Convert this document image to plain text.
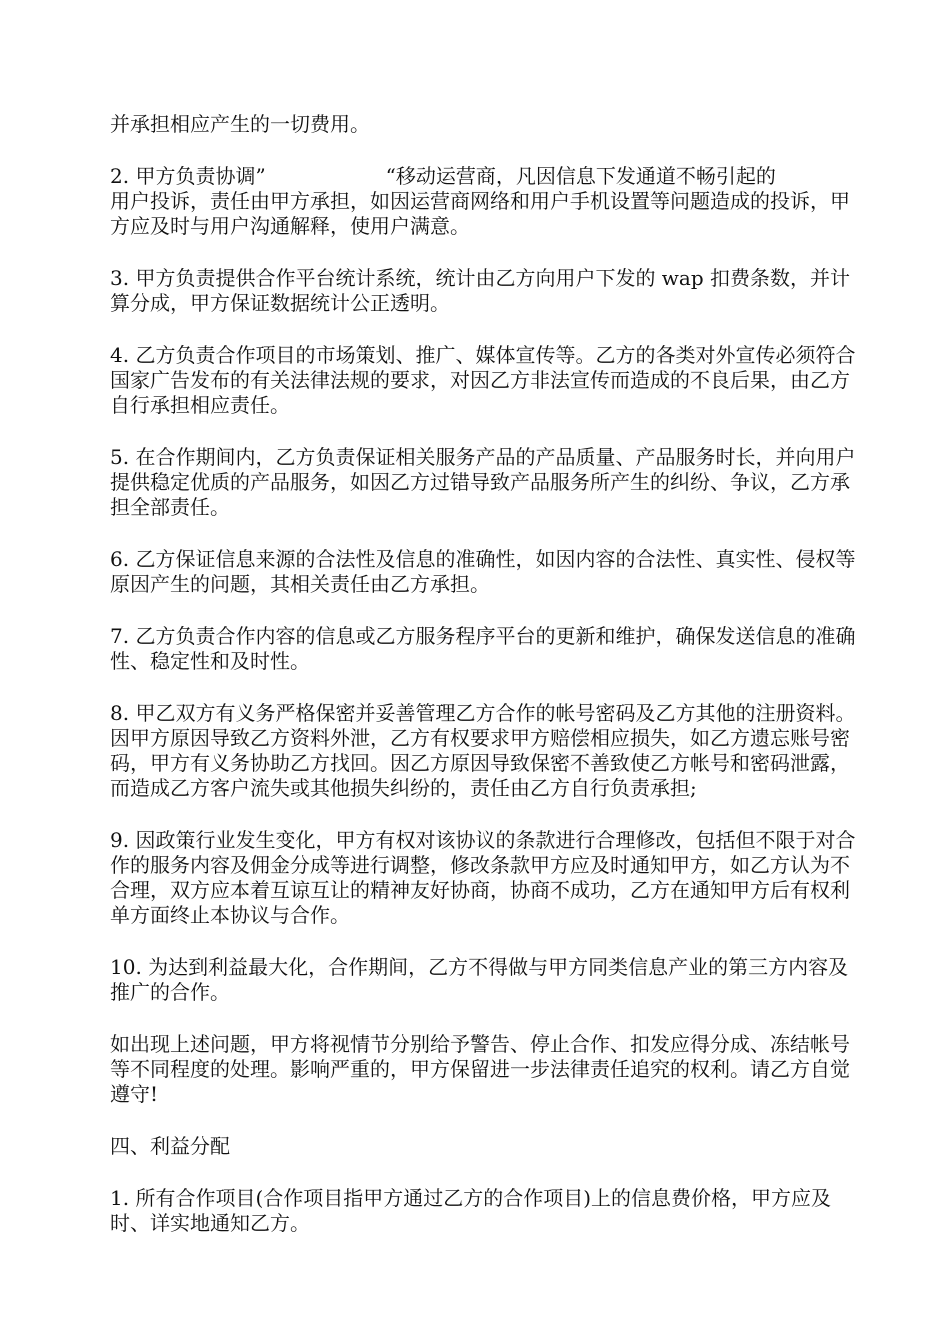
并承担相应产生的一切费用。

2. 甲方负责协调”	“移动运营商，凡因信息下发通道不畅引起的
用户投诉，责任由甲方承担，如因运营商网络和用户手机设置等问题造成的投诉，甲方应及时与用户沟通解释，使用户满意。

3. 甲方负责提供合作平台统计系统，统计由乙方向用户下发的 wap 扣费条数，并计算分成，甲方保证数据统计公正透明。

4. 乙方负责合作项目的市场策划、推广、媒体宣传等。乙方的各类对外宣传必须符合国家广告发布的有关法律法规的要求，对因乙方非法宣传而造成的不良后果，由乙方自行承担相应责任。

5. 在合作期间内，乙方负责保证相关服务产品的产品质量、产品服务时长，并向用户提供稳定优质的产品服务，如因乙方过错导致产品服务所产生的纠纷、争议，乙方承担全部责任。

6. 乙方保证信息来源的合法性及信息的准确性，如因内容的合法性、真实性、侵权等原因产生的问题，其相关责任由乙方承担。

7. 乙方负责合作内容的信息或乙方服务程序平台的更新和维护，确保发送信息的准确性、稳定性和及时性。

8. 甲乙双方有义务严格保密并妥善管理乙方合作的帐号密码及乙方其他的注册资料。因甲方原因导致乙方资料外泄，乙方有权要求甲方赔偿相应损失，如乙方遗忘账号密码，甲方有义务协助乙方找回。因乙方原因导致保密不善致使乙方帐号和密码泄露，而造成乙方客户流失或其他损失纠纷的，责任由乙方自行负责承担;

9. 因政策行业发生变化，甲方有权对该协议的条款进行合理修改，包括但不限于对合作的服务内容及佣金分成等进行调整，修改条款甲方应及时通知甲方，如乙方认为不合理，双方应本着互谅互让的精神友好协商，协商不成功，乙方在通知甲方后有权利单方面终止本协议与合作。

10. 为达到利益最大化，合作期间，乙方不得做与甲方同类信息产业的第三方内容及推广的合作。

如出现上述问题，甲方将视情节分别给予警告、停止合作、扣发应得分成、冻结帐号等不同程度的处理。影响严重的，甲方保留进一步法律责任追究的权利。请乙方自觉遵守!

四、利益分配

1. 所有合作项目(合作项目指甲方通过乙方的合作项目)上的信息费价格，甲方应及时、详实地通知乙方。
